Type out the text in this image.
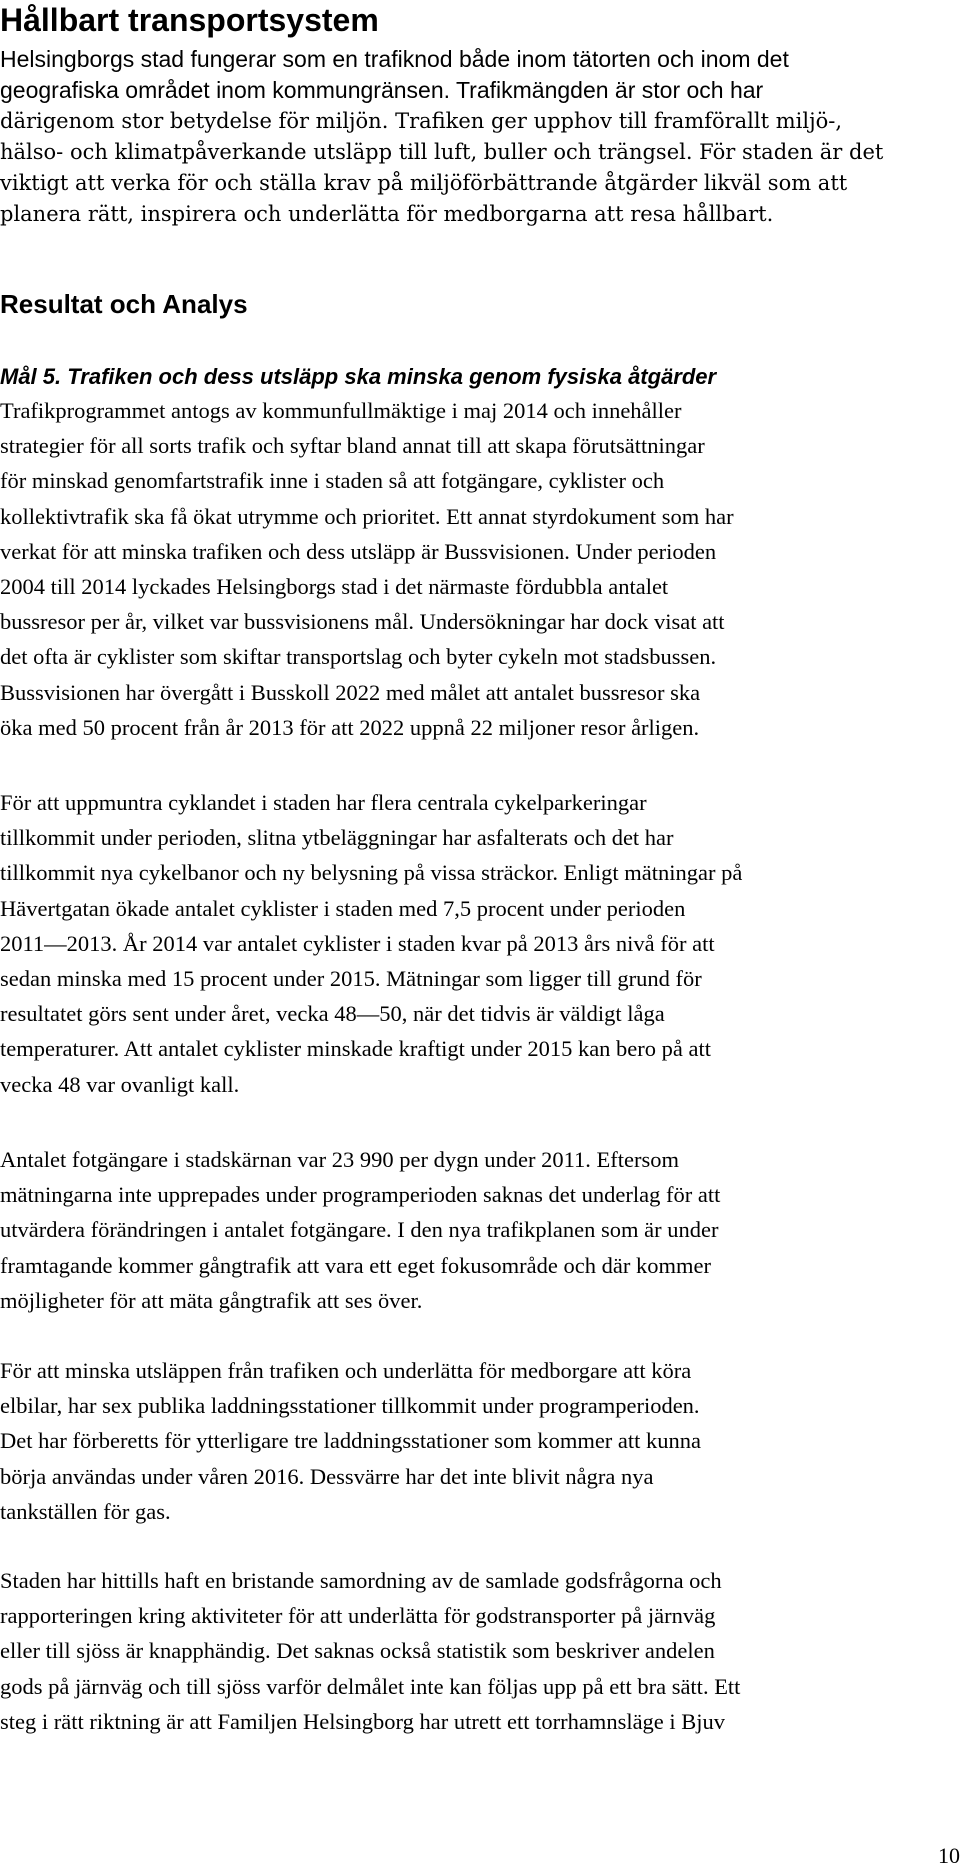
Hållbart transportsystem

Helsingborgs stad fungerar som en trafiknod både inom tätorten och inom det
geografiska området inom kommungränsen. Trafikmängden är stor och har
därigenom stor betydelse för miljön. Trafiken ger upphov till framförallt miljö-,
hälso- och klimatpåverkande utsläpp till luft, buller och trängsel. För staden är det
viktigt att verka för och ställa krav på miljöförbättrande åtgärder likväl som att
planera rätt, inspirera och underlätta för medborgarna att resa hållbart.

Resultat och Analys
Mål 5. Trafiken och dess utsläpp ska minska genom fysiska åtgärder

Trafikprogrammet antogs av kommunfullmäktige i maj 2014 och innehåller
strategier för all sorts trafik och syftar bland annat till att skapa förutsättningar
för minskad genomfartstrafik inne i staden så att fotgängare, cyklister och
kollektivtrafik ska få ökat utrymme och prioritet. Ett annat styrdokument som har
verkat för att minska trafiken och dess utsläpp är Bussvisionen. Under perioden
2004 till 2014 lyckades Helsingborgs stad i det närmaste fördubbla antalet
bussresor per år, vilket var bussvisionens mål. Undersökningar har dock visat att
det ofta är cyklister som skiftar transportslag och byter cykeln mot stadsbussen.
Bussvisionen har övergått i Busskoll 2022 med målet att antalet bussresor ska
öka med 50 procent från år 2013 för att 2022 uppnå 22 miljoner resor årligen.

För att uppmuntra cyklandet i staden har flera centrala cykelparkeringar
tillkommit under perioden, slitna ytbeläggningar har asfalterats och det har
tillkommit nya cykelbanor och ny belysning på vissa sträckor. Enligt mätningar på
Hävertgatan ökade antalet cyklister i staden med 7,5 procent under perioden
2011—2013. År 2014 var antalet cyklister i staden kvar på 2013 års nivå för att
sedan minska med 15 procent under 2015. Mätningar som ligger till grund för
resultatet görs sent under året, vecka 48—50, när det tidvis är väldigt låga
temperaturer. Att antalet cyklister minskade kraftigt under 2015 kan bero på att
vecka 48 var ovanligt kall.

Antalet fotgängare i stadskärnan var 23 990 per dygn under 2011. Eftersom
mätningarna inte upprepades under programperioden saknas det underlag för att
utvärdera förändringen i antalet fotgängare. I den nya trafikplanen som är under
framtagande kommer gångtrafik att vara ett eget fokusområde och där kommer
möjligheter för att mäta gångtrafik att ses över.

För att minska utsläppen från trafiken och underlätta för medborgare att köra
elbilar, har sex publika laddningsstationer tillkommit under programperioden.
Det har förberetts för ytterligare tre laddningsstationer som kommer att kunna
börja användas under våren 2016. Dessvärre har det inte blivit några nya
tankställen för gas.

Staden har hittills haft en bristande samordning av de samlade godsfrågorna och
rapporteringen kring aktiviteter för att underlätta för godstransporter på järnväg
eller till sjöss är knapphändig. Det saknas också statistik som beskriver andelen
gods på järnväg och till sjöss varför delmålet inte kan följas upp på ett bra sätt. Ett
steg i rätt riktning är att Familjen Helsingborg har utrett ett torrhamnsläge i Bjuv

10
